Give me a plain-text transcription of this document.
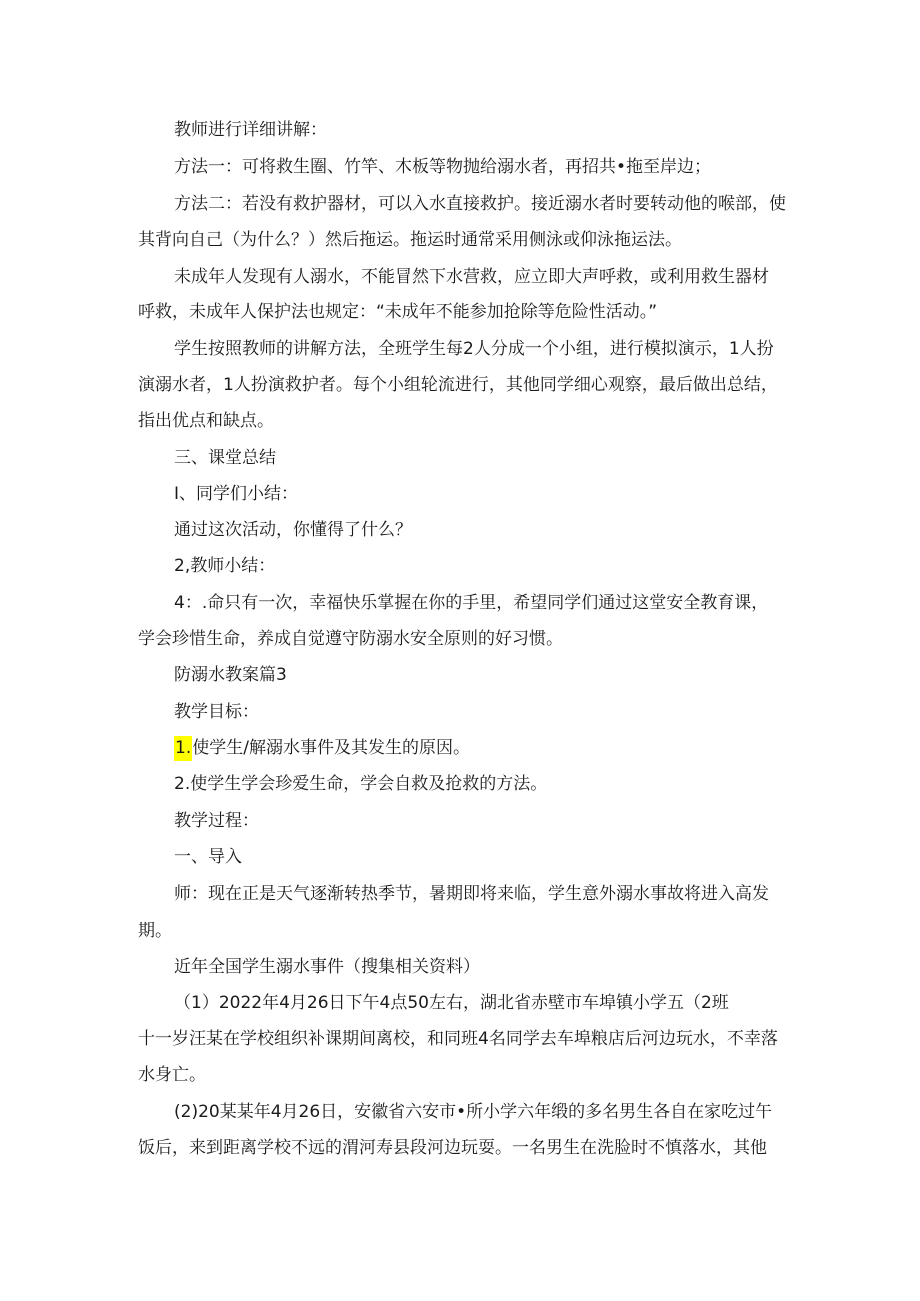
教师进行详细讲解：
方法一：可将救生圈、竹竿、木板等物抛给溺水者，再招共•拖至岸边；
方法二：若没有救护器材，可以入水直接救护。接近溺水者时要转动他的喉部，使
其背向自己（为什么？）然后拖运。拖运时通常采用侧泳或仰泳拖运法。
未成年人发现有人溺水，不能冒然下水营救，应立即大声呼救，或利用救生器材
呼救，未成年人保护法也规定：“未成年不能参加抢除等危险性活动。”
学生按照教师的讲解方法，全班学生每2人分成一个小组，进行模拟演示，1人扮
演溺水者，1人扮演救护者。每个小组轮流进行，其他同学细心观察，最后做出总结，
指出优点和缺点。
三、课堂总结
I、同学们小结：
通过这次活动，你懂得了什么？
2,教师小结：
4：.命只有一次，幸福快乐掌握在你的手里，希望同学们通过这堂安全教育课，
学会珍惜生命，养成自觉遵守防溺水安全原则的好习惯。
防溺水教案篇3
教学目标：
1.使学生/解溺水事件及其发生的原因。
2.使学生学会珍爱生命，学会自救及抢救的方法。
教学过程：
一、导入
师：现在正是天气逐渐转热季节，暑期即将来临，学生意外溺水事故将进入高发
期。
近年全国学生溺水事件（搜集相关资料）
（1）2022年4月26日下午4点50左右，湖北省赤壁市车埠镇小学五（2班
十一岁汪某在学校组织补课期间离校，和同班4名同学去车埠粮店后河边玩水，不幸落
水身亡。
(2)20某某年4月26日，安徽省六安市•所小学六年缎的多名男生各自在家吃过午
饭后，来到距离学校不远的渭河寿县段河边玩耍。一名男生在洗脸时不慎落水，其他
